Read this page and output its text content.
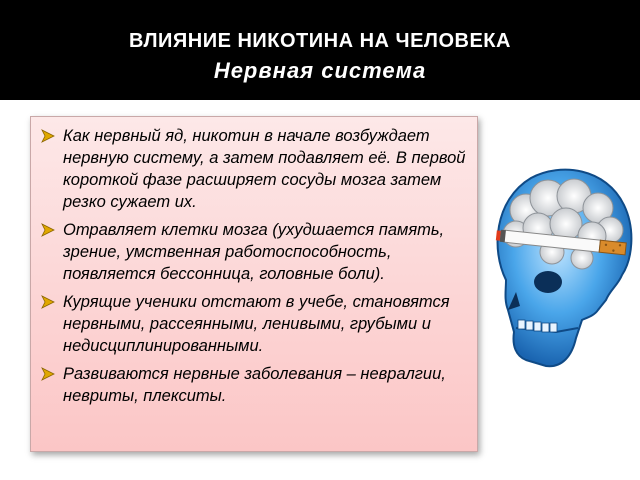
ВЛИЯНИЕ НИКОТИНА НА ЧЕЛОВЕКА
Нервная система
Как нервный яд, никотин в начале возбуждает нервную систему, а затем подавляет её. В первой короткой фазе расширяет сосуды мозга затем резко сужает их.
Отравляет клетки мозга (ухудшается память, зрение, умственная работоспособность, появляется бессонница, головные боли).
Курящие ученики отстают в учебе, становятся нервными, рассеянными, ленивыми, грубыми и недисциплинированными.
Развиваются нервные заболевания – невралгии, невриты, плекситы.
